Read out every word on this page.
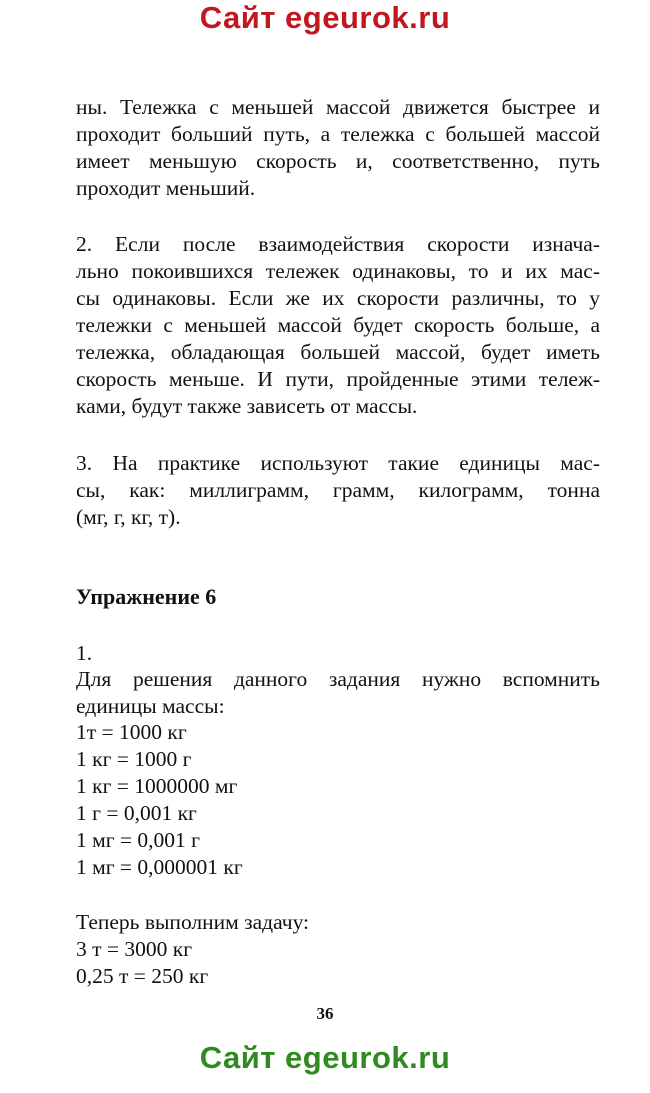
Сайт egeurok.ru

ны. Тележка с меньшей массой движется быстрее и
проходит больший путь, а тележка с большей массой
имеет меньшую скорость и, соответственно, путь
проходит меньший.

2. Если после взаимодействия скорости изнача-
льно покоившихся тележек одинаковы, то и их мас-
сы одинаковы. Если же их скорости различны, то у
тележки с меньшей массой будет скорость больше, а
тележка, обладающая большей массой, будет иметь
скорость меньше. И пути, пройденные этими тележ-
ками, будут также зависеть от массы.

3. На практике используют такие единицы мас-
сы, как: миллиграмм, грамм, килограмм, тонна
(мг, г, кг, т).

Упражнение 6
1.

Для решения данного задания нужно вспомнить
единицы массы:

1т = 1000 кг
1 кг = 1000 г
1 кг = 1000000 мг
1 г = 0,001 кг
1 мг = 0,001 г
1 мг = 0,000001 кг
Теперь выполним задачу:
3 т = 3000 кг
0,25 т = 250 кг
36
Сайт egeurok.ru
